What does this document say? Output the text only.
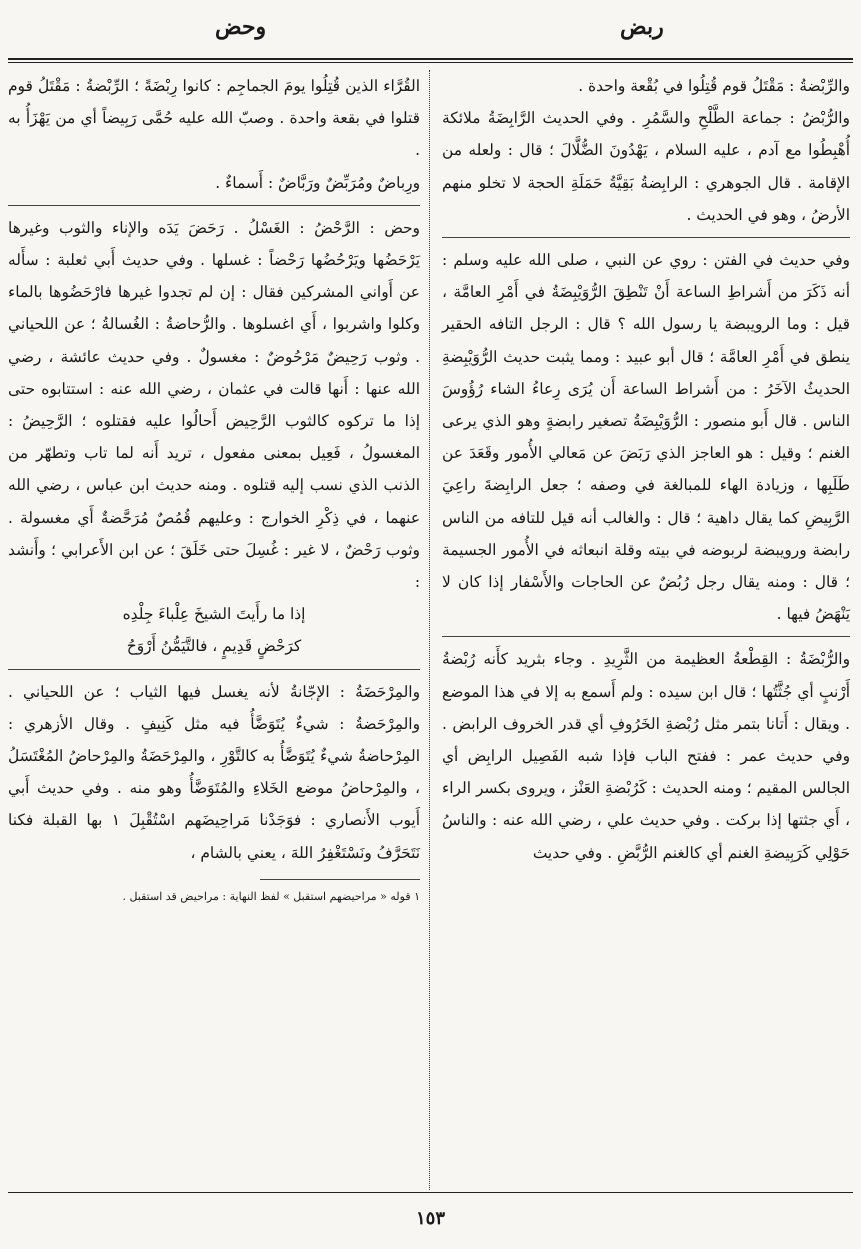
وحض	ربض

والرِّبْضةُ : مَقْتَلُ قوم قُتِلُوا في بُقْعة واحدة .

والرُّبْضُ : جماعة الطَّلْحِ والسَّمُرِ . وفي الحديث الرَّابِضَةُ ملائكة أُهْبِطُوا مع آدم ، عليه السلام ، يَهْدُونَ الضُّلَّالَ ؛ قال : ولعله من الإقامة . قال الجوهري : الرابِضةُ بَقِيَّةُ حَمَلَةِ الحجة لا تخلو منهم الأرضُ ، وهو في الحديث .

وفي حديث في الفتن : روي عن النبي ، صلى الله عليه وسلم : أنه ذَكَرَ من أَشراطِ الساعة أَنْ تَنْطِقَ الرُّوَيْبِضَةُ في أَمْرِ العامَّة ، قيل : وما الرويبضة يا رسول الله ؟ قال : الرجل التافه الحقير ينطق في أَمْرِ العامَّة ؛ قال أبو عبيد : ومما يثبت حديث الرُّوَيْبِضةِ الحديثُ الآخَرُ : من أَشراط الساعة أَن يُرَى رِعاءُ الشاء رُؤُوسَ الناس . قال أَبو منصور : الرُّوَيْبِضَةُ تصغير رابضةٍ وهو الذي يرعى الغنم ؛ وقيل : هو العاجز الذي رَبَضَ عن مَعالي الأُمور وقَعَدَ عن طَلَبِها ، وزيادة الهاء للمبالغة في وصفه ؛ جعل الرابِضةَ راعِيَ الرَّبِيضِ كما يقال داهية ؛ قال : والغالب أنه قيل للتافه من الناس رابضة ورويبضة لربوضه في بيته وقلة انبعاثه في الأُمور الجسيمة ؛ قال : ومنه يقال رجل رُبُضٌ عن الحاجات والأَسْفار إذا كان لا يَنْهَضُ فيها .

والرُّبْضَةُ : القِطْعةُ العظيمة من الثَّرِيدِ . وجاء بثريد كأَنه رُبْضةُ أَرْنبٍ أي جُثَّتُها ؛ قال ابن سيده : ولم أَسمع به إلا في هذا الموضع . ويقال : أَتانا بتمر مثل رُبْضةِ الخَرُوفِ أي قدر الخروف الرابض . وفي حديث عمر : ففتح الباب فإذا شبه الفَصِيل الرابِض أي الجالس المقيم ؛ ومنه الحديث : كَرُبْضةِ العَنْز ، ويروى بكسر الراء ، أَي جثتها إذا بركت . وفي حديث علي ، رضي الله عنه : والناسُ حَوْلِي كَرَبِيضةِ الغنم أي كالغنم الرُّبَّضِ . وفي حديث

القُرَّاء الذين قُتِلُوا يومَ الجماجِم : كانوا رِبْضَةً ؛ الرِّبْضةُ : مَقْتَلُ قوم قتلوا في بقعة واحدة . وصبّ الله عليه حُمَّى رَبِيضاً أي من يَهْزَأُ به .

ورِباضٌ ومُرَبِّضٌ ورَبَّاضٌ : أَسماءٌ .

وحض : الرَّحْضُ : الغَسْلُ . رَحَضَ يَدَه والإناء والثوب وغيرها يَرْحَضُها ويَرْحُضُها رَحْضاً : غسلها . وفي حديث أَبي ثعلبة : سأَله عن أَواني المشركين فقال : إن لم تجدوا غيرها فارْحَضُوها بالماء وكلوا واشربوا ، أَي اغسلوها . والرُّحاضةُ : الغُسالةُ ؛ عن اللحياني . وثوب رَحِيضٌ مَرْحُوضٌ : مغسولٌ . وفي حديث عائشة ، رضي الله عنها : أَنها قالت في عثمان ، رضي الله عنه : استتابوه حتى إذا ما تركوه كالثوب الرَّحِيض أَحالُوا عليه فقتلوه ؛ الرَّحِيضُ : المغسولُ ، فَعِيل بمعنى مفعول ، تريد أَنه لما تاب وتطهّر من الذنب الذي نسب إليه قتلوه . ومنه حديث ابن عباس ، رضي الله عنهما ، في ذِكْرِ الخوارج : وعليهم قُمُصٌ مُرَحَّضةٌ أَي مغسولة . وثوب رَحْضٌ ، لا غير : غُسِلَ حتى خَلَقَ ؛ عن ابن الأَعرابي ؛ وأَنشد :

إذا ما رأَيتَ الشيخَ عِلْباءَ جِلْدِه

كرَحْضٍ قَدِيمٍ ، فالتَّيَمُّنُ أَرْوَحُ

والمِرْحَضَةُ : الإجّانةُ لأنه يغسل فيها الثياب ؛ عن اللحياني . والمِرْحَضةُ : شيءٌ يُتَوَضَّأُ فيه مثل كَنِيفٍ . وقال الأزهري : المِرْحاضةُ شيءٌ يُتَوَضَّأُ به كالتَّوْرِ ، والمِرْحَضَةُ والمِرْحاضُ المُغْتَسَلُ ، والمِرْحاضُ موضع الخَلاءِ والمُتَوَضَّأُ وهو منه . وفي حديث أَبي أَيوب الأَنصاري : فوَجَدْنا مَراحِيضَهم اسْتُقْبِلَ ١ بها القبلة فكنا نَتَحَرَّفُ ونَسْتَغْفِرُ اللهَ ، يعني بالشام ،

١ قوله « مراحيضهم استقبل » لفظ النهاية : مراحيض قد استقبل .

١٥٣
